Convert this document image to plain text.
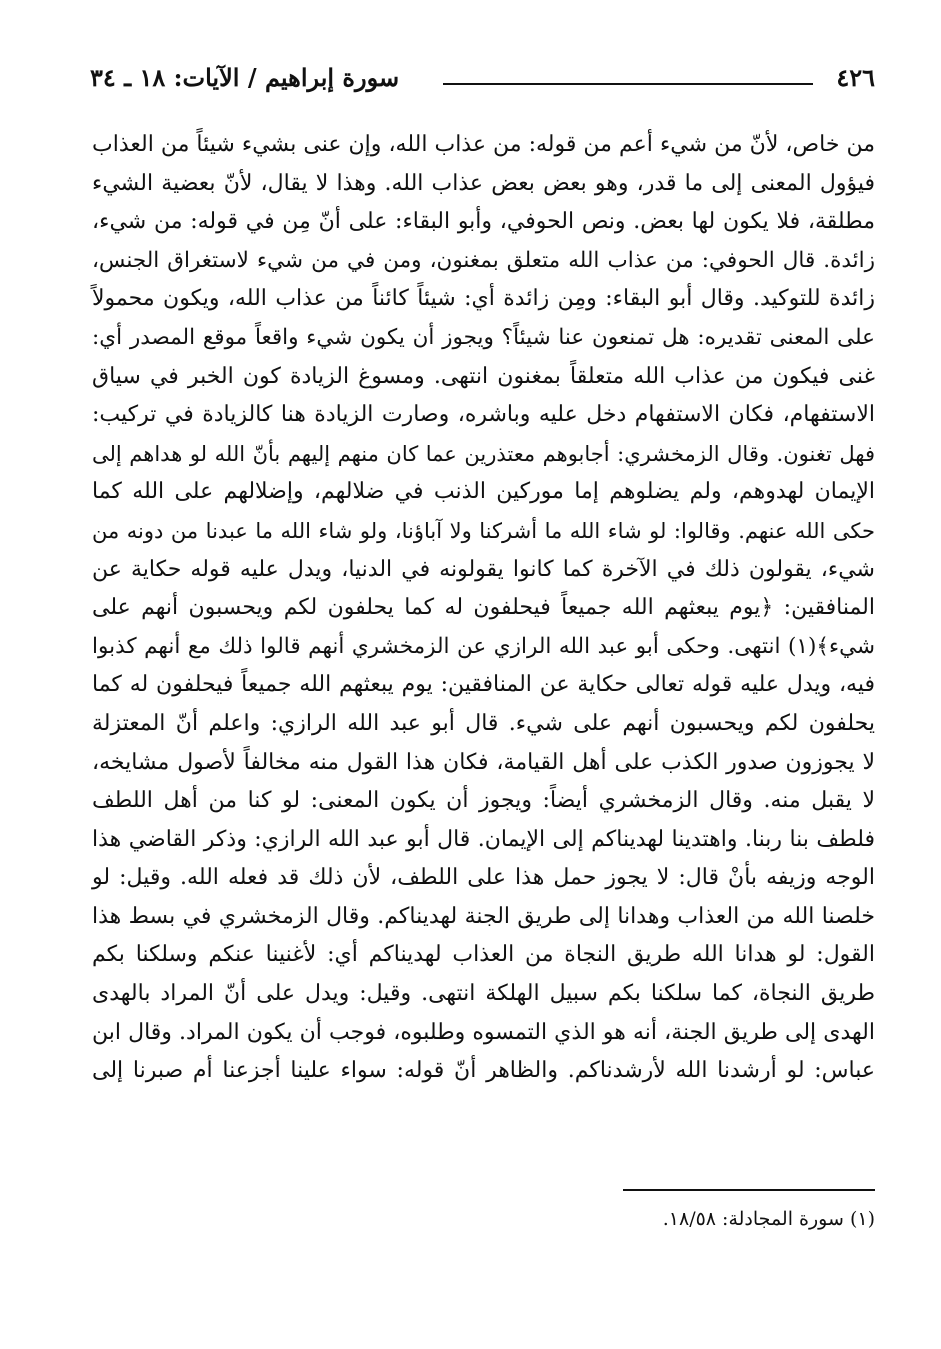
٤٢٦
سورة إبراهيم / الآيات: ١٨ ـ ٣٤
من خاص، لأنّ من شيء أعم من قوله: من عذاب الله، وإن عنى بشيء شيئاً من العذاب
فيؤول المعنى إلى ما قدر، وهو بعض بعض عذاب الله. وهذا لا يقال، لأنّ بعضية الشيء
مطلقة، فلا يكون لها بعض. ونص الحوفي، وأبو البقاء: على أنّ مِن في قوله: من شيء،
زائدة. قال الحوفي: من عذاب الله متعلق بمغنون، ومن في من شيء لاستغراق الجنس،
زائدة للتوكيد. وقال أبو البقاء: ومِن زائدة أي: شيئاً كائناً من عذاب الله، ويكون محمولاً
على المعنى تقديره: هل تمنعون عنا شيئاً؟ ويجوز أن يكون شيء واقعاً موقع المصدر أي:
غنى فيكون من عذاب الله متعلقاً بمغنون انتهى. ومسوغ الزيادة كون الخبر في سياق
الاستفهام، فكان الاستفهام دخل عليه وباشره، وصارت الزيادة هنا كالزيادة في تركيب:
فهل تغنون. وقال الزمخشري: أجابوهم معتذرين عما كان منهم إليهم بأنّ الله لو هداهم إلى
الإيمان لهدوهم، ولم يضلوهم إما موركين الذنب في ضلالهم، وإضلالهم على الله كما
حكى الله عنهم. وقالوا: لو شاء الله ما أشركنا ولا آباؤنا، ولو شاء الله ما عبدنا من دونه من
شيء، يقولون ذلك في الآخرة كما كانوا يقولونه في الدنيا، ويدل عليه قوله حكاية عن
المنافقين: ﴿يوم يبعثهم الله جميعاً فيحلفون له كما يحلفون لكم ويحسبون أنهم على
شيء﴾(١) انتهى. وحكى أبو عبد الله الرازي عن الزمخشري أنهم قالوا ذلك مع أنهم كذبوا
فيه، ويدل عليه قوله تعالى حكاية عن المنافقين: يوم يبعثهم الله جميعاً فيحلفون له كما
يحلفون لكم ويحسبون أنهم على شيء. قال أبو عبد الله الرازي: واعلم أنّ المعتزلة
لا يجوزون صدور الكذب على أهل القيامة، فكان هذا القول منه مخالفاً لأصول مشايخه،
لا يقبل منه. وقال الزمخشري أيضاً: ويجوز أن يكون المعنى: لو كنا من أهل اللطف
فلطف بنا ربنا. واهتدينا لهديناكم إلى الإيمان. قال أبو عبد الله الرازي: وذكر القاضي هذا
الوجه وزيفه بأنْ قال: لا يجوز حمل هذا على اللطف، لأن ذلك قد فعله الله. وقيل: لو
خلصنا الله من العذاب وهدانا إلى طريق الجنة لهديناكم. وقال الزمخشري في بسط هذا
القول: لو هدانا الله طريق النجاة من العذاب لهديناكم أي: لأغنينا عنكم وسلكنا بكم
طريق النجاة، كما سلكنا بكم سبيل الهلكة انتهى. وقيل: ويدل على أنّ المراد بالهدى
الهدى إلى طريق الجنة، أنه هو الذي التمسوه وطلبوه، فوجب أن يكون المراد. وقال ابن
عباس: لو أرشدنا الله لأرشدناكم. والظاهر أنّ قوله: سواء علينا أجزعنا أم صبرنا إلى
(١) سورة المجادلة: ١٨/٥٨.
